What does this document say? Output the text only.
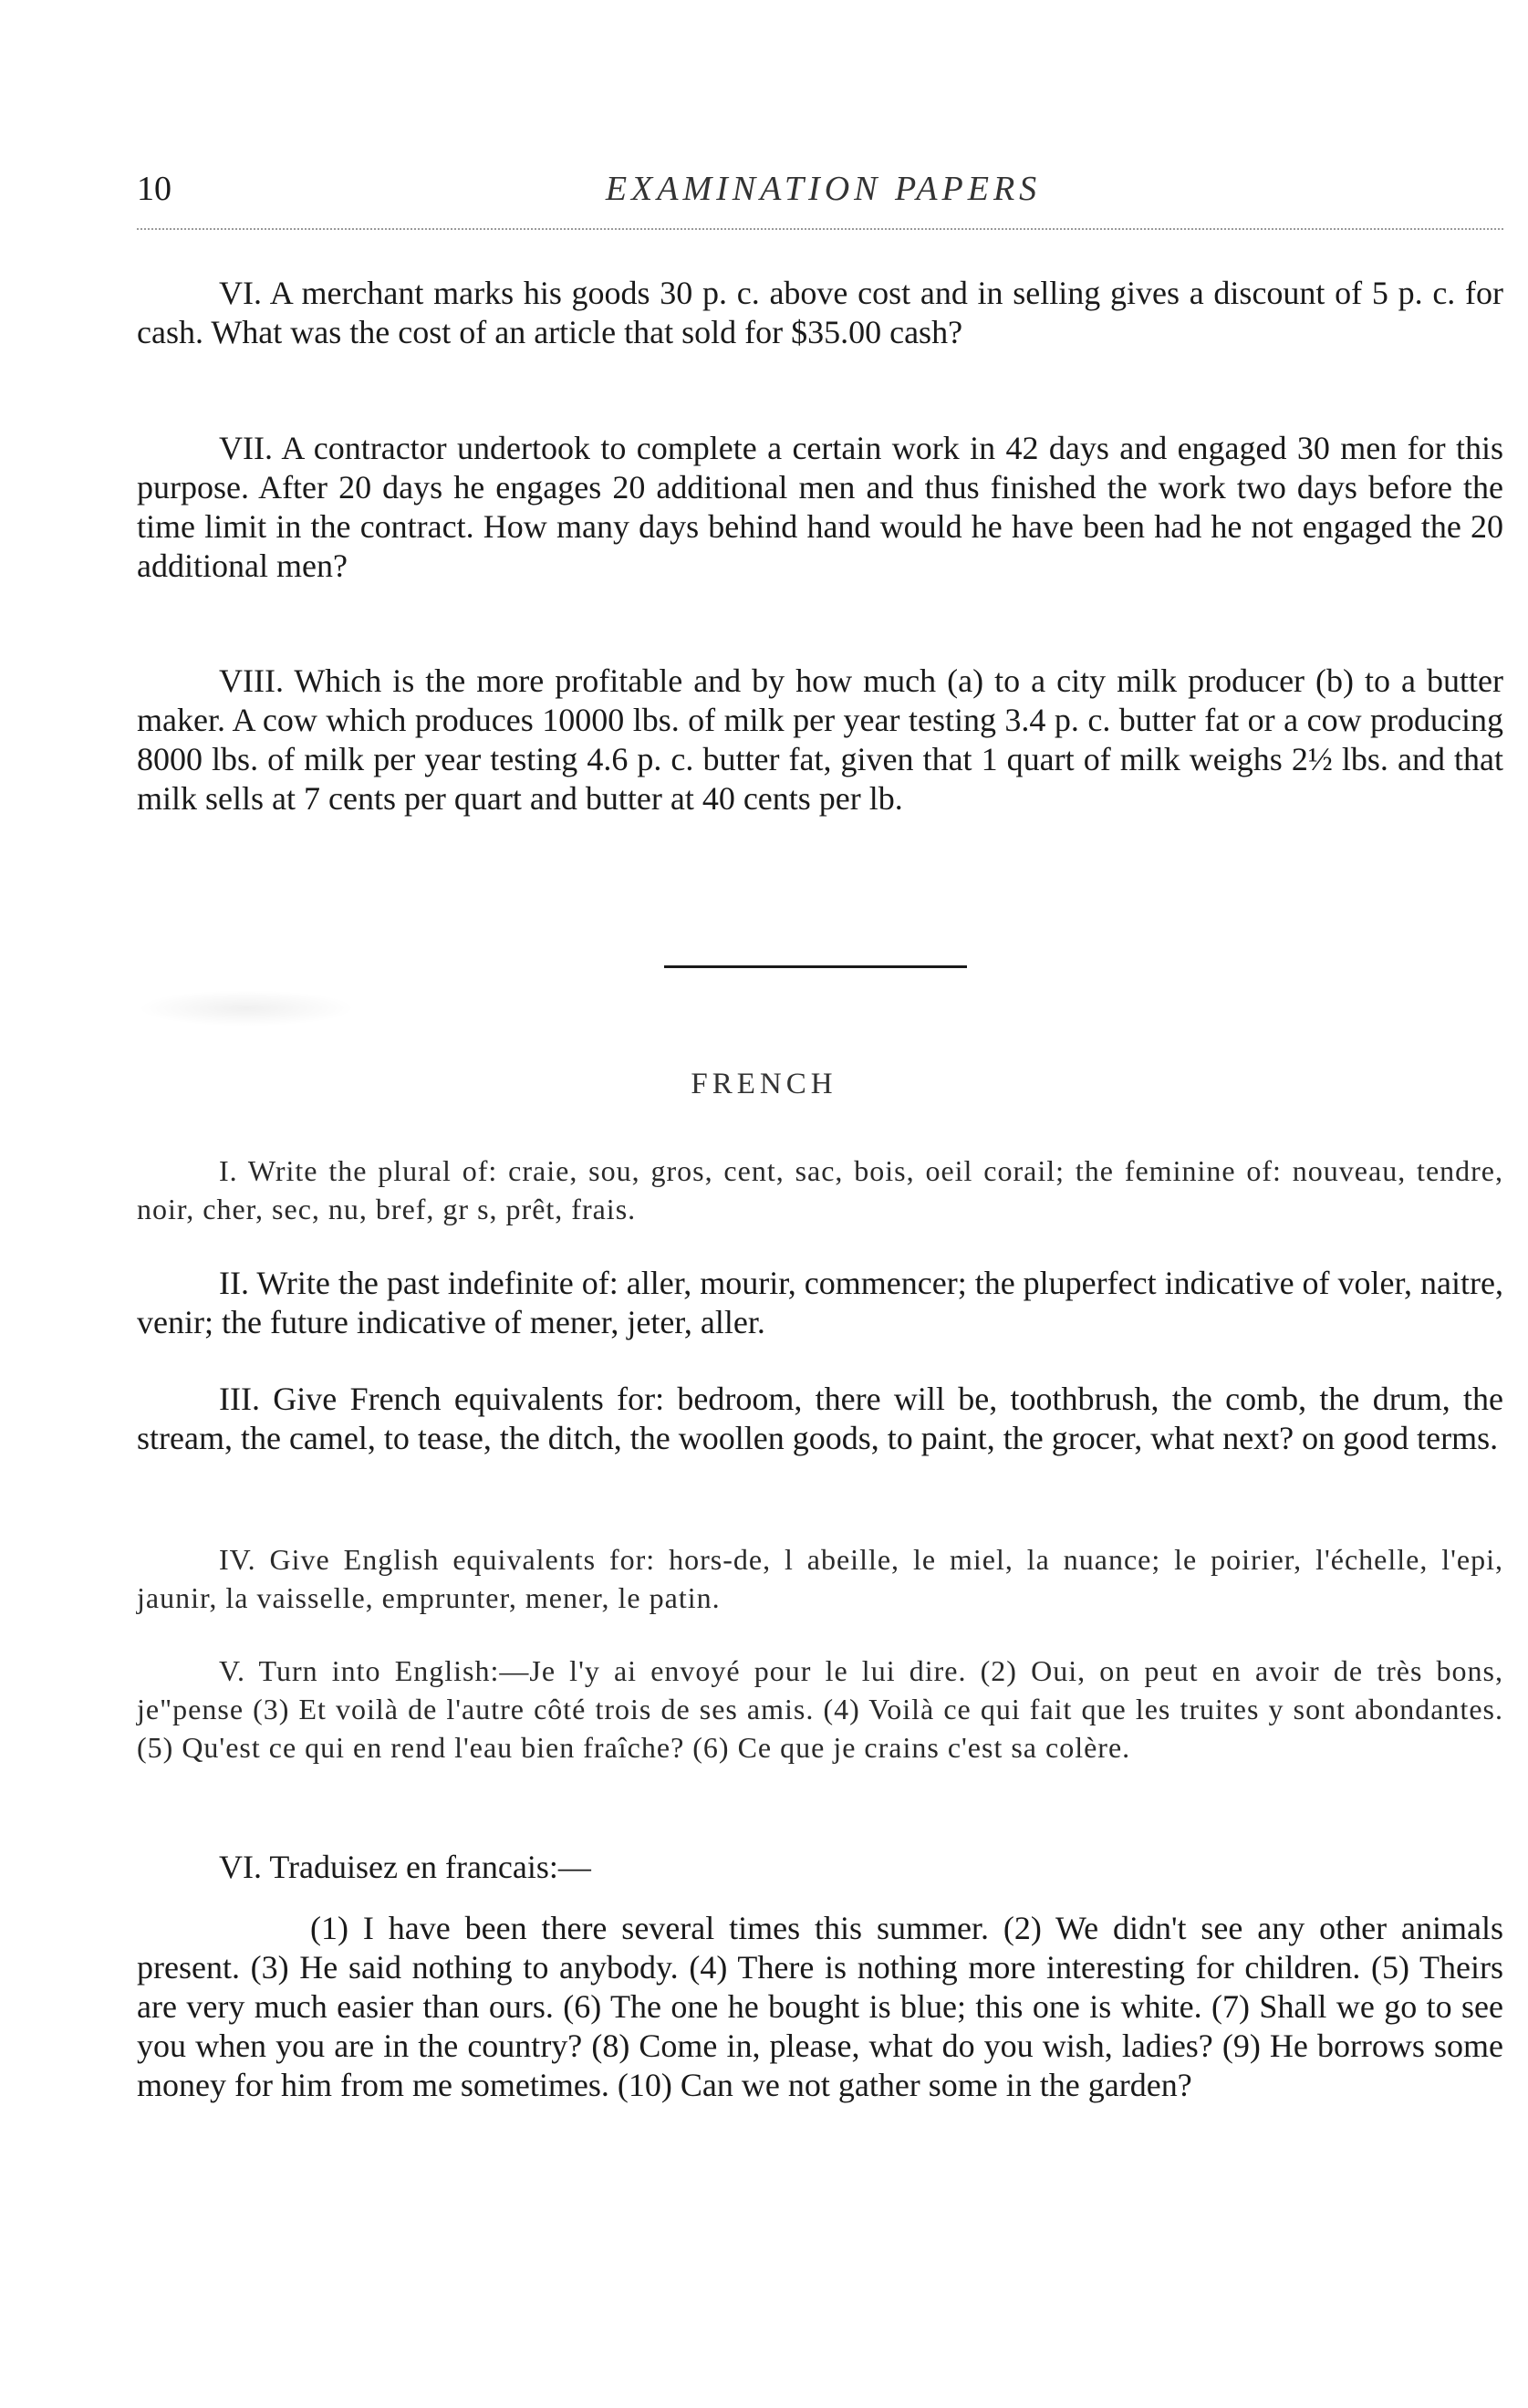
10	EXAMINATION PAPERS

VI. A merchant marks his goods 30 p. c. above cost and in selling gives a discount of 5 p. c. for cash. What was the cost of an article that sold for $35.00 cash?

VII. A contractor undertook to complete a certain work in 42 days and engaged 30 men for this purpose. After 20 days he engages 20 additional men and thus finished the work two days before the time limit in the contract. How many days behind hand would he have been had he not engaged the 20 additional men?

VIII. Which is the more profitable and by how much (a) to a city milk producer (b) to a butter maker. A cow which produces 10000 lbs. of milk per year testing 3.4 p. c. butter fat or a cow producing 8000 lbs. of milk per year testing 4.6 p. c. butter fat, given that 1 quart of milk weighs 2½ lbs. and that milk sells at 7 cents per quart and butter at 40 cents per lb.

FRENCH

I. Write the plural of: craie, sou, gros, cent, sac, bois, oeil corail; the feminine of: nouveau, tendre, noir, cher, sec, nu, bref, gr s, prêt, frais.

II. Write the past indefinite of: aller, mourir, commencer; the pluperfect indicative of voler, naitre, venir; the future indicative of mener, jeter, aller.

III. Give French equivalents for: bedroom, there will be, toothbrush, the comb, the drum, the stream, the camel, to tease, the ditch, the woollen goods, to paint, the grocer, what next? on good terms.

IV. Give English equivalents for: hors-de, l abeille, le miel, la nuance; le poirier, l'échelle, l'epi, jaunir, la vaisselle, emprunter, mener, le patin.

V. Turn into English:—Je l'y ai envoyé pour le lui dire. (2) Oui, on peut en avoir de très bons, je"pense (3) Et voilà de l'autre côté trois de ses amis. (4) Voilà ce qui fait que les truites y sont abondantes. (5) Qu'est ce qui en rend l'eau bien fraîche? (6) Ce que je crains c'est sa colère.

VI. Traduisez en francais:—

(1) I have been there several times this summer. (2) We didn't see any other animals present. (3) He said nothing to anybody. (4) There is nothing more interesting for children. (5) Theirs are very much easier than ours. (6) The one he bought is blue; this one is white. (7) Shall we go to see you when you are in the country? (8) Come in, please, what do you wish, ladies? (9) He borrows some money for him from me sometimes. (10) Can we not gather some in the garden?
